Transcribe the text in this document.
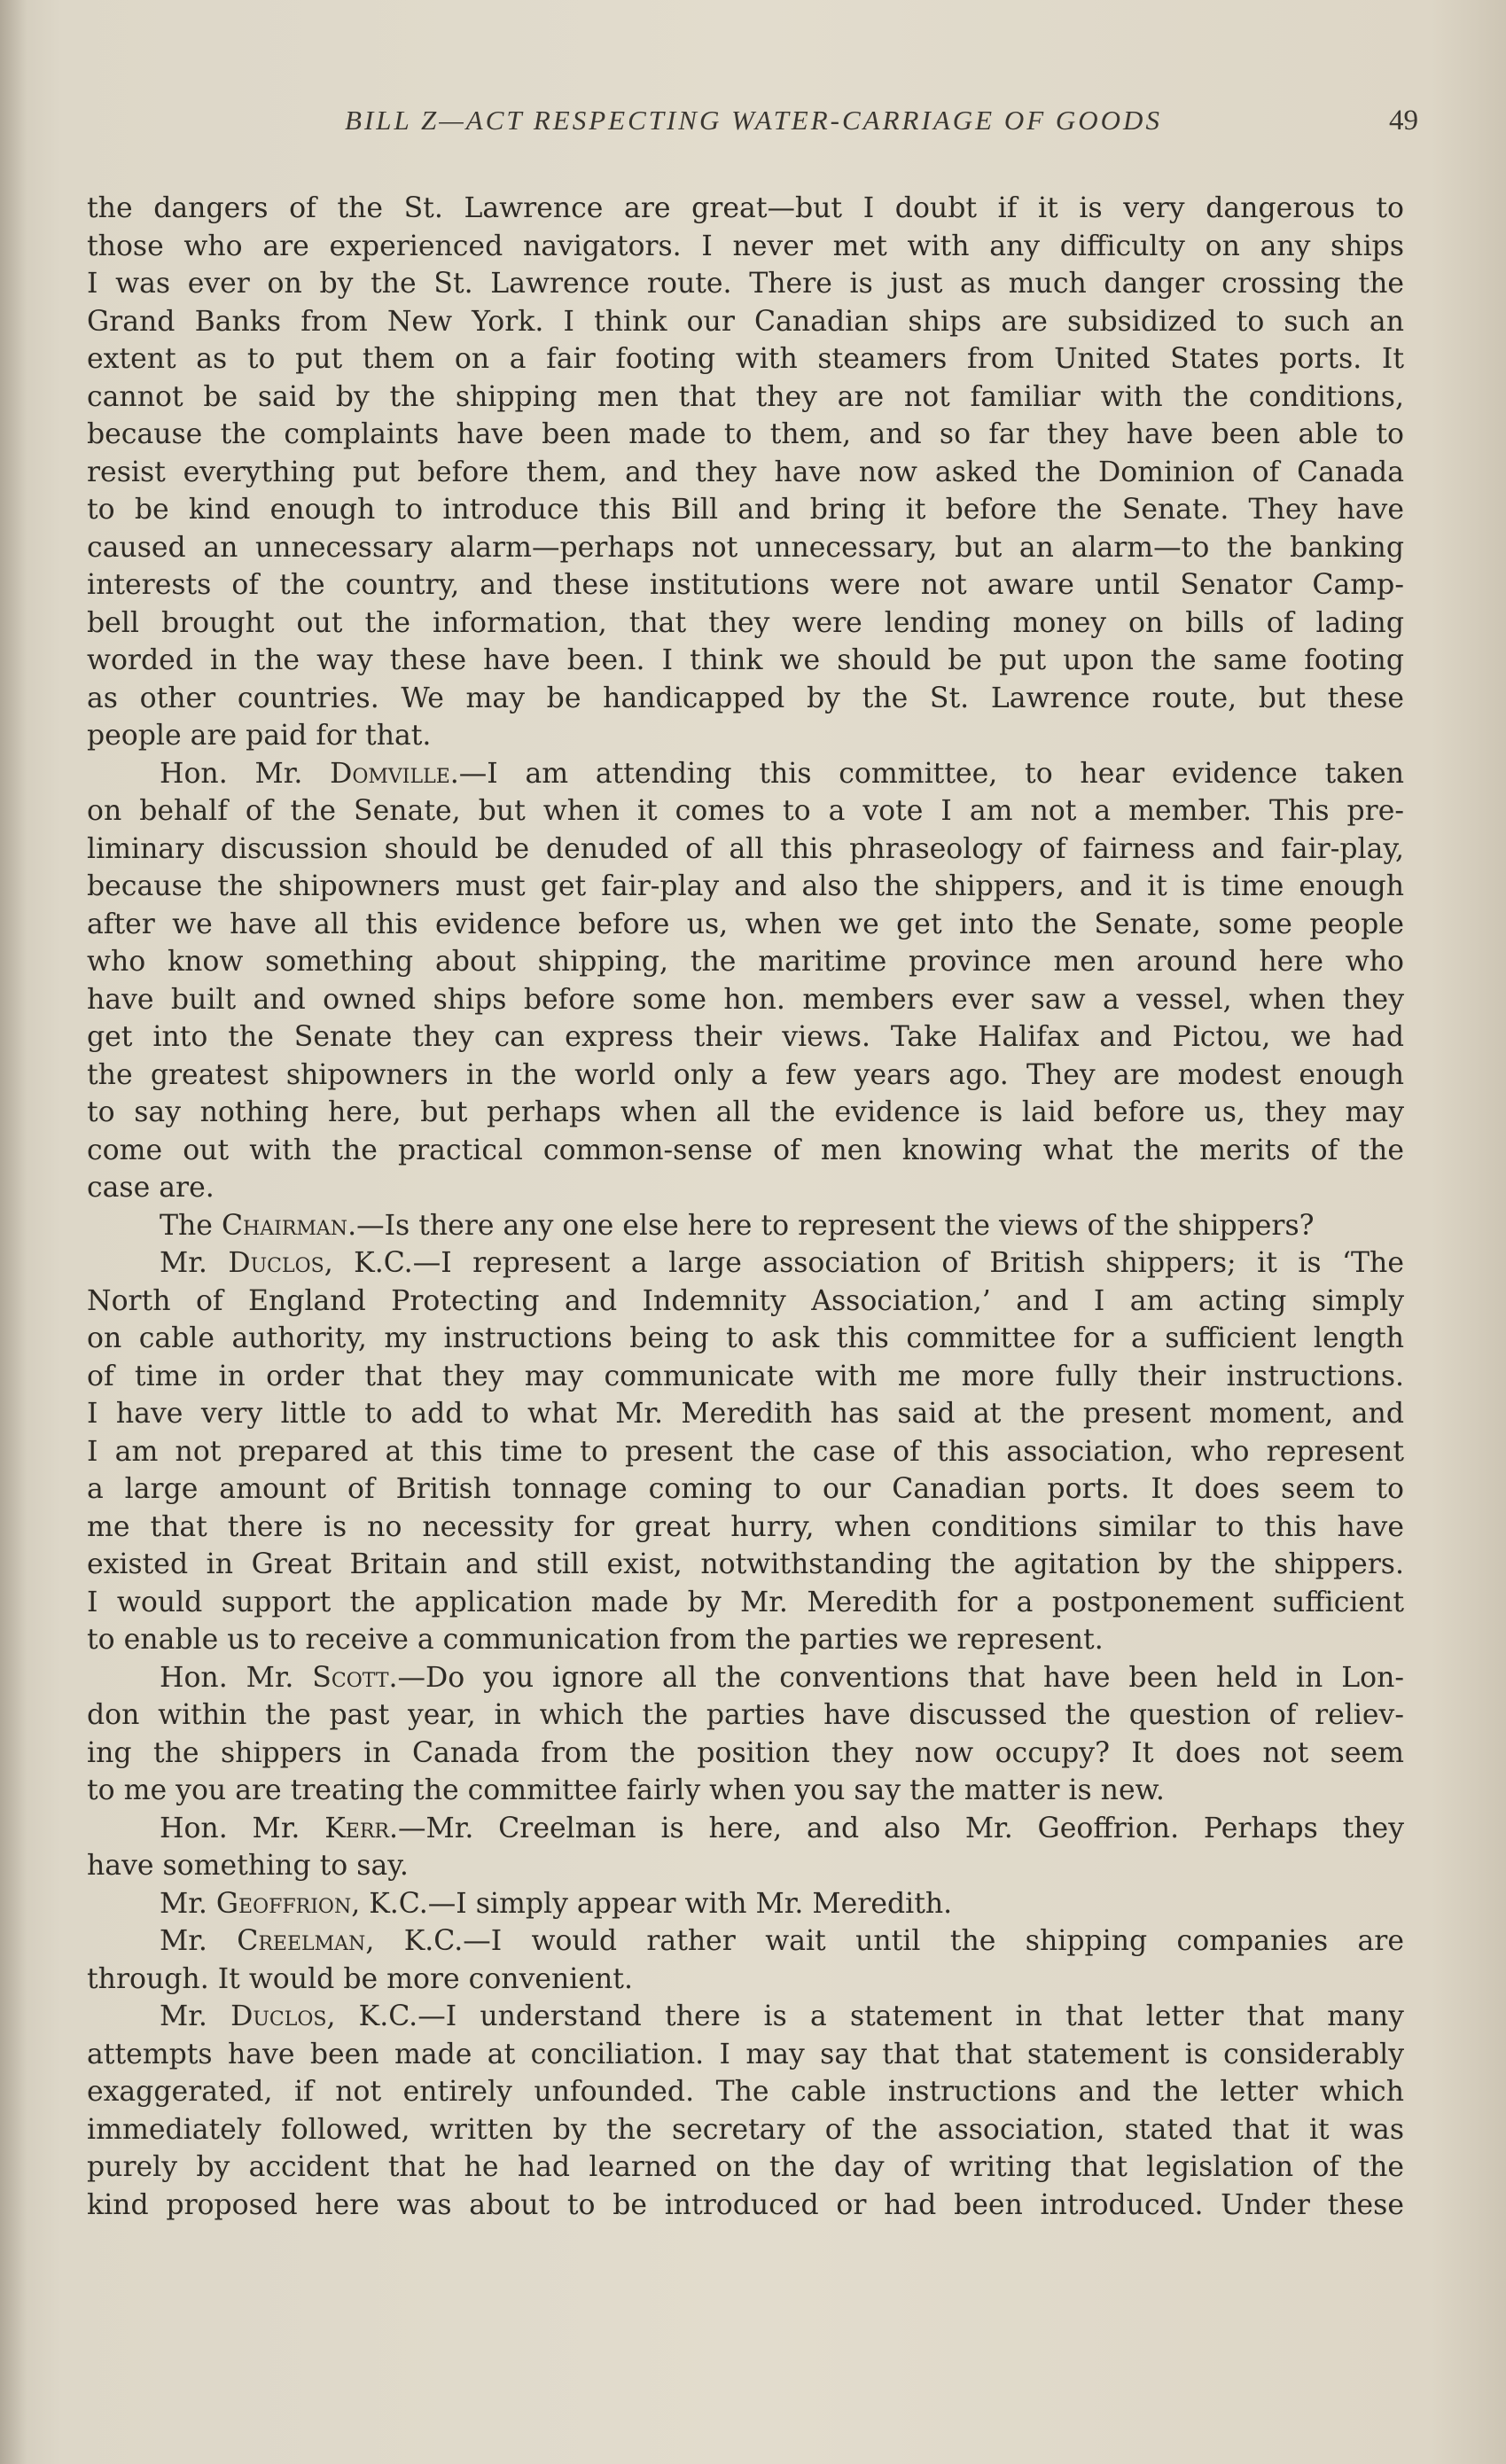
BILL Z—ACT RESPECTING WATER-CARRIAGE OF GOODS	49
the dangers of the St. Lawrence are great—but I doubt if it is very dangerous to
those who are experienced navigators. I never met with any difficulty on any ships
I was ever on by the St. Lawrence route. There is just as much danger crossing the
Grand Banks from New York. I think our Canadian ships are subsidized to such an
extent as to put them on a fair footing with steamers from United States ports. It
cannot be said by the shipping men that they are not familiar with the conditions,
because the complaints have been made to them, and so far they have been able to
resist everything put before them, and they have now asked the Dominion of Canada
to be kind enough to introduce this Bill and bring it before the Senate. They have
caused an unnecessary alarm—perhaps not unnecessary, but an alarm—to the banking
interests of the country, and these institutions were not aware until Senator Camp-
bell brought out the information, that they were lending money on bills of lading
worded in the way these have been. I think we should be put upon the same footing
as other countries. We may be handicapped by the St. Lawrence route, but these
people are paid for that.
Hon. Mr. Domville.—I am attending this committee, to hear evidence taken
on behalf of the Senate, but when it comes to a vote I am not a member. This pre-
liminary discussion should be denuded of all this phraseology of fairness and fair-play,
because the shipowners must get fair-play and also the shippers, and it is time enough
after we have all this evidence before us, when we get into the Senate, some people
who know something about shipping, the maritime province men around here who
have built and owned ships before some hon. members ever saw a vessel, when they
get into the Senate they can express their views. Take Halifax and Pictou, we had
the greatest shipowners in the world only a few years ago. They are modest enough
to say nothing here, but perhaps when all the evidence is laid before us, they may
come out with the practical common-sense of men knowing what the merits of the
case are.
The Chairman.—Is there any one else here to represent the views of the shippers?
Mr. Duclos, K.C.—I represent a large association of British shippers; it is ‘The
North of England Protecting and Indemnity Association,’ and I am acting simply
on cable authority, my instructions being to ask this committee for a sufficient length
of time in order that they may communicate with me more fully their instructions.
I have very little to add to what Mr. Meredith has said at the present moment, and
I am not prepared at this time to present the case of this association, who represent
a large amount of British tonnage coming to our Canadian ports. It does seem to
me that there is no necessity for great hurry, when conditions similar to this have
existed in Great Britain and still exist, notwithstanding the agitation by the shippers.
I would support the application made by Mr. Meredith for a postponement sufficient
to enable us to receive a communication from the parties we represent.
Hon. Mr. Scott.—Do you ignore all the conventions that have been held in Lon-
don within the past year, in which the parties have discussed the question of reliev-
ing the shippers in Canada from the position they now occupy? It does not seem
to me you are treating the committee fairly when you say the matter is new.
Hon. Mr. Kerr.—Mr. Creelman is here, and also Mr. Geoffrion. Perhaps they
have something to say.
Mr. Geoffrion, K.C.—I simply appear with Mr. Meredith.
Mr. Creelman, K.C.—I would rather wait until the shipping companies are
through. It would be more convenient.
Mr. Duclos, K.C.—I understand there is a statement in that letter that many
attempts have been made at conciliation. I may say that that statement is considerably
exaggerated, if not entirely unfounded. The cable instructions and the letter which
immediately followed, written by the secretary of the association, stated that it was
purely by accident that he had learned on the day of writing that legislation of the
kind proposed here was about to be introduced or had been introduced. Under these
